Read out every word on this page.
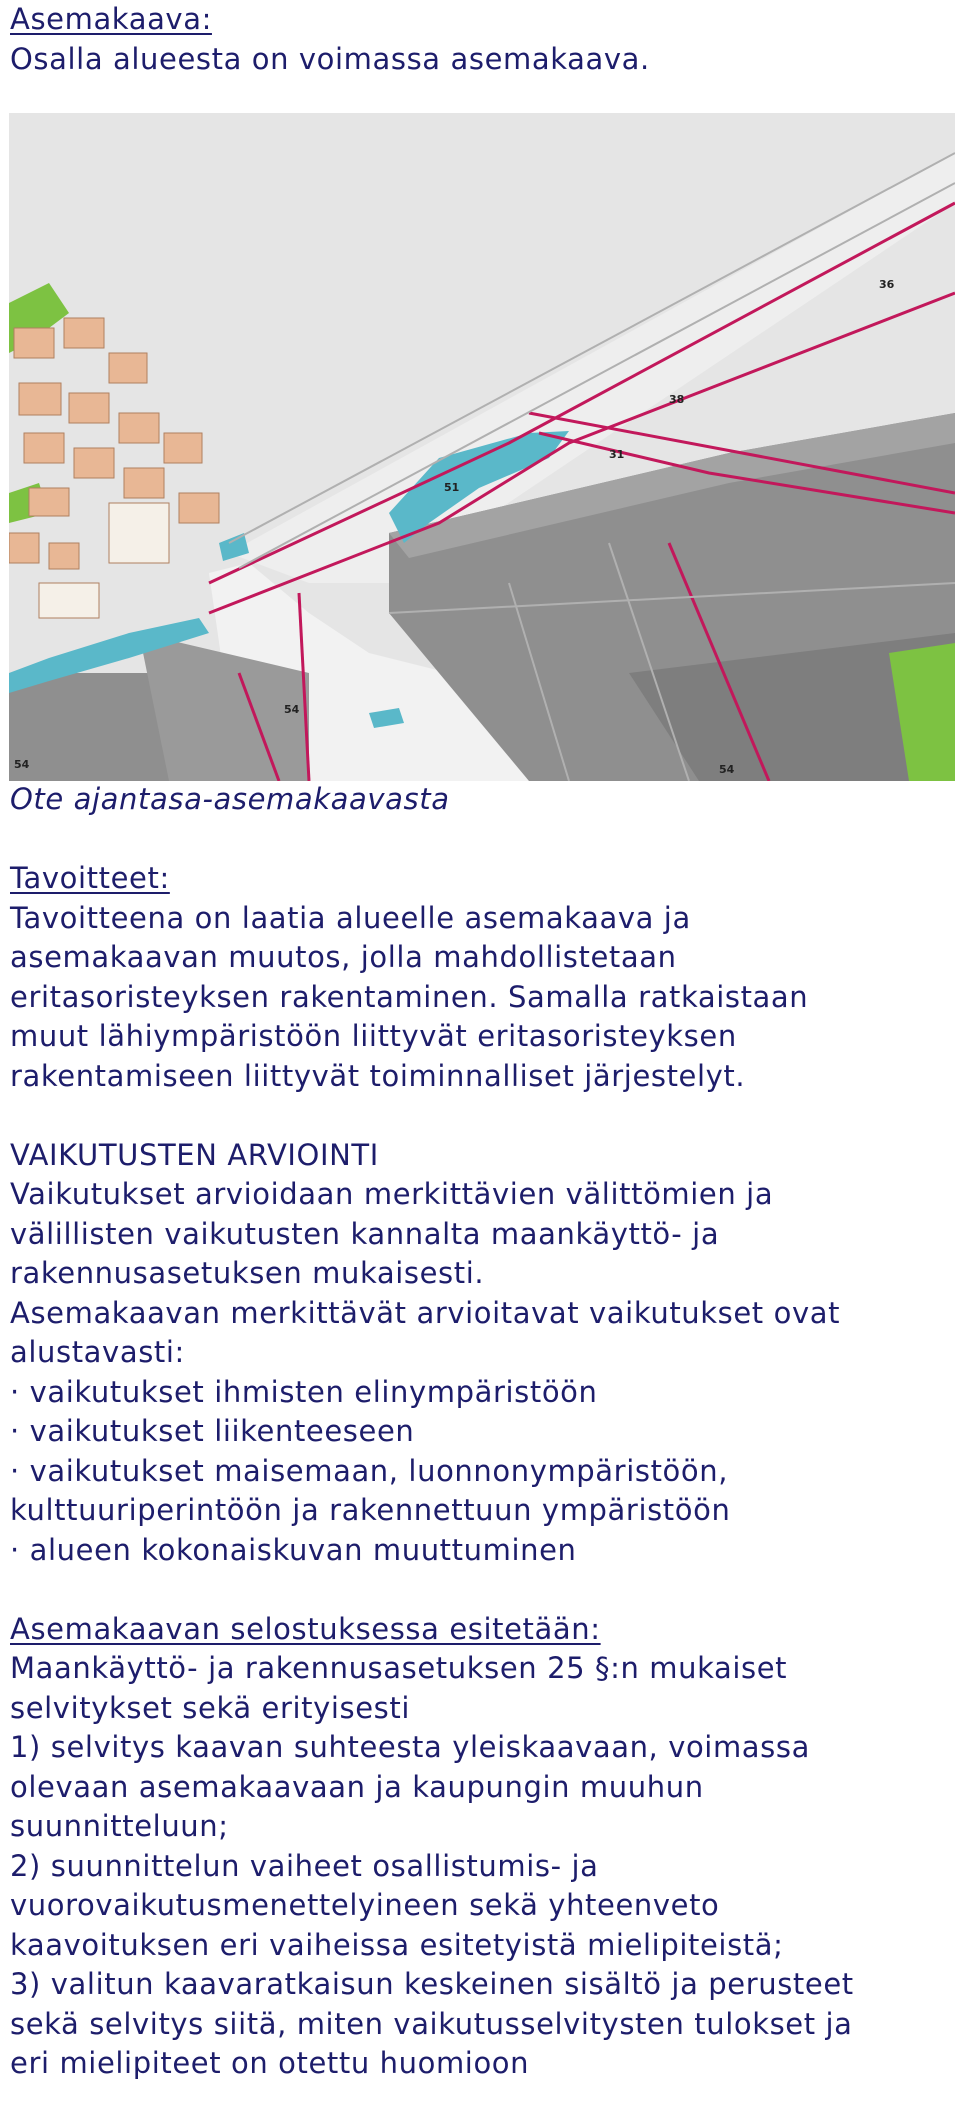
Asemakaava:
Osalla alueesta on voimassa asemakaava.
36
38
31
51
54
54
54
Ote ajantasa-asemakaavasta
Tavoitteet:
Tavoitteena on laatia alueelle asemakaava ja
asemakaavan muutos, jolla mahdollistetaan
eritasoristeyksen rakentaminen. Samalla ratkaistaan
muut lähiympäristöön liittyvät eritasoristeyksen
rakentamiseen liittyvät toiminnalliset järjestelyt.
VAIKUTUSTEN ARVIOINTI
Vaikutukset arvioidaan merkittävien välittömien ja
välillisten vaikutusten kannalta maankäyttö- ja
rakennusasetuksen mukaisesti.
Asemakaavan merkittävät arvioitavat vaikutukset ovat
alustavasti:
· vaikutukset ihmisten elinympäristöön
· vaikutukset liikenteeseen
· vaikutukset maisemaan, luonnonympäristöön,
kulttuuriperintöön ja rakennettuun ympäristöön
· alueen kokonaiskuvan muuttuminen
Asemakaavan selostuksessa esitetään:
Maankäyttö- ja rakennusasetuksen 25 §:n mukaiset
selvitykset sekä erityisesti
1) selvitys kaavan suhteesta yleiskaavaan, voimassa
olevaan asemakaavaan ja kaupungin muuhun
suunnitteluun;
2) suunnittelun vaiheet osallistumis- ja
vuorovaikutusmenettelyineen sekä yhteenveto
kaavoituksen eri vaiheissa esitetyistä mielipiteistä;
3) valitun kaavaratkaisun keskeinen sisältö ja perusteet
sekä selvitys siitä, miten vaikutusselvitysten tulokset ja
eri mielipiteet on otettu huomioon
